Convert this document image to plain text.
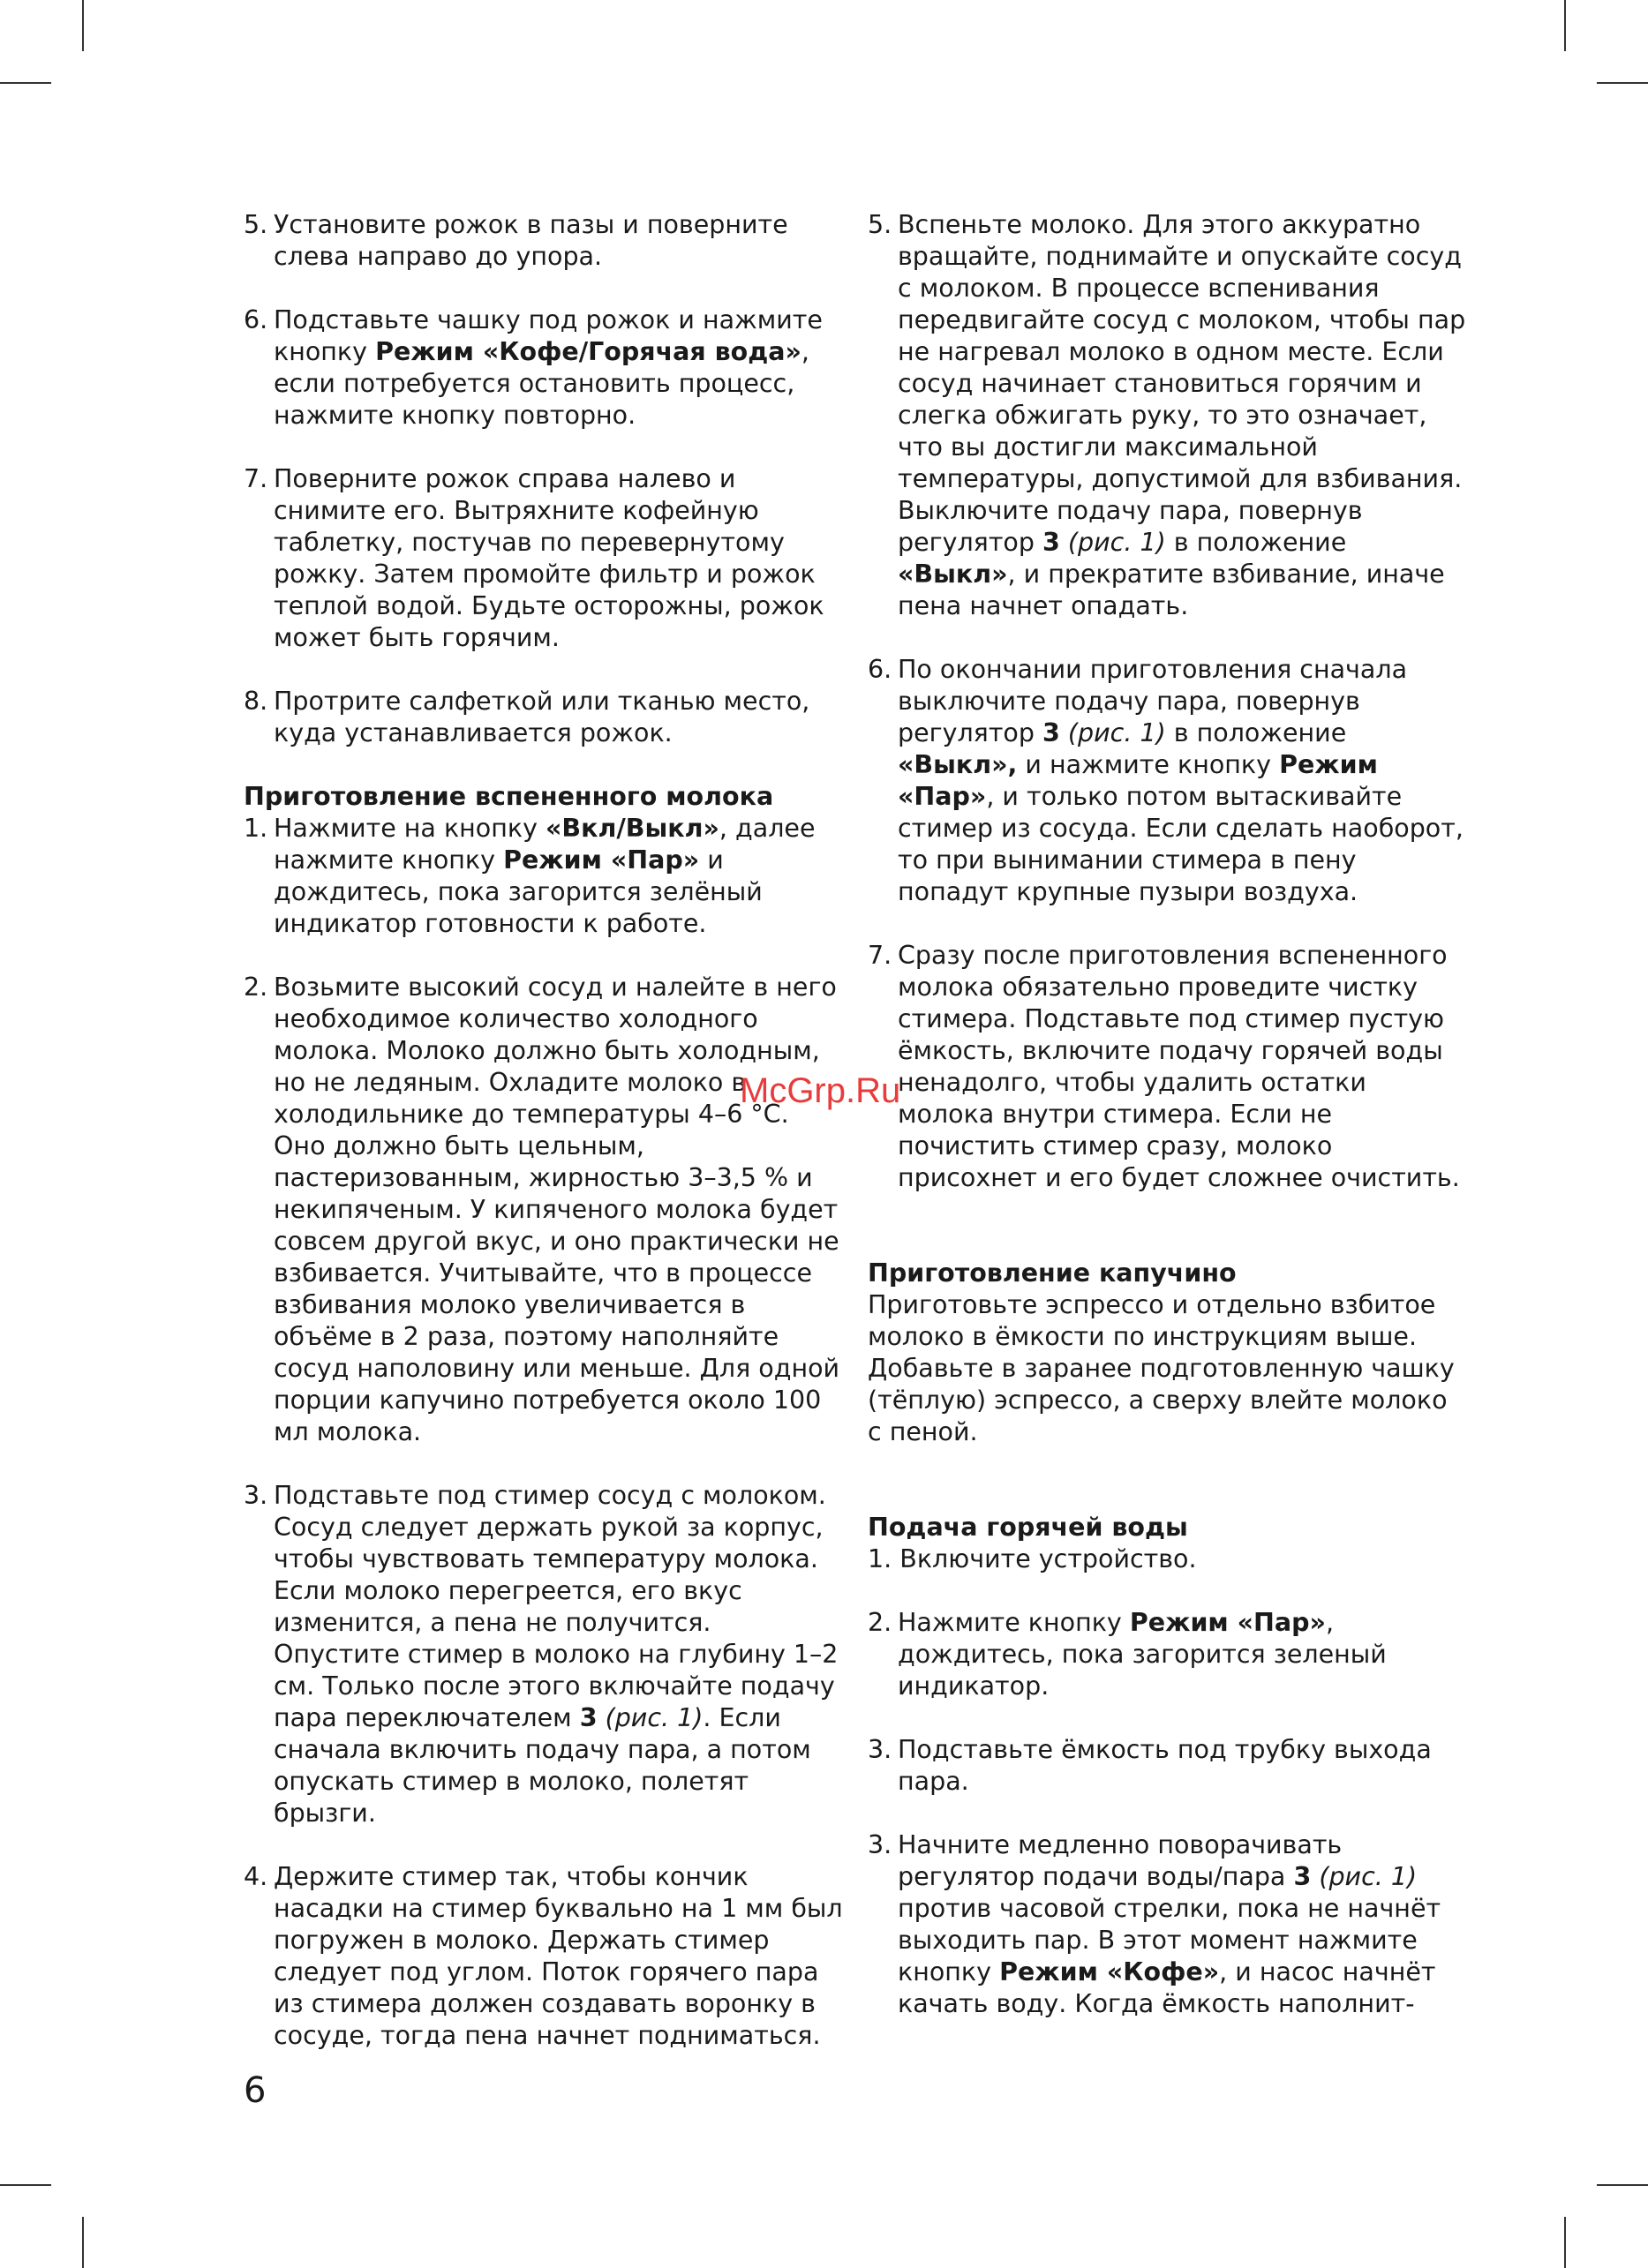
5. Установите рожок в пазы и поверните слева направо до упора.
6. Подставьте чашку под рожок и нажмите кнопку Режим «Кофе/Горячая вода», если потребуется остановить процесс, нажмите кнопку повторно.
7. Поверните рожок справа налево и снимите его. Вытряхните кофейную таблетку, постучав по перевернутому рожку. Затем промойте фильтр и рожок теплой водой. Будьте осторожны, рожок может быть горячим.
8. Протрите салфеткой или тканью место, куда устанавливается рожок.

Приготовление вспененного молока

1. Нажмите на кнопку «Вкл/Выкл», далее нажмите кнопку Режим «Пар» и дождитесь, пока загорится зелёный индикатор готовности к работе.
2. Возьмите высокий сосуд и налейте в него необходимое количество холодного молока. Молоко должно быть холодным, но не ледяным. Охладите молоко в холодильнике до температуры 4–6 °С. Оно должно быть цельным, пастеризованным, жирностью 3–3,5 % и некипяченым. У кипяченого молока будет совсем другой вкус, и оно практически не взбивается. Учитывайте, что в процессе взбивания молоко увеличивается в объёме в 2 раза, поэтому наполняйте сосуд наполовину или меньше. Для одной порции капучино потребуется около 100 мл молока.
3. Подставьте под стимер сосуд с молоком. Сосуд следует держать рукой за корпус, чтобы чувствовать температуру молока. Если молоко перегреется, его вкус изменится, а пена не получится. Опустите стимер в молоко на глубину 1–2 см. Только после этого включайте подачу пара переключателем 3 (рис. 1). Если сначала включить подачу пара, а потом опускать стимер в молоко, полетят брызги.
4. Держите стимер так, чтобы кончик насадки на стимер буквально на 1 мм был погружен в молоко. Держать стимер следует под углом. Поток горячего пара из стимера должен создавать воронку в сосуде, тогда пена начнет подниматься.
5. Вспеньте молоко. Для этого аккуратно вращайте, поднимайте и опускайте сосуд с молоком. В процессе вспенивания передвигайте сосуд с молоком, чтобы пар не нагревал молоко в одном месте. Если сосуд начинает становиться горячим и слегка обжигать руку, то это означает, что вы достигли максимальной температуры, допустимой для взбивания. Выключите подачу пара, повернув регулятор 3 (рис. 1) в положение «Выкл», и прекратите взбивание, иначе пена начнет опадать.
6. По окончании приготовления сначала выключите подачу пара, повернув регулятор 3 (рис. 1) в положение «Выкл», и нажмите кнопку Режим «Пар», и только потом вытаскивайте стимер из сосуда. Если сделать наоборот, то при вынимании стимера в пену попадут крупные пузыри воздуха.
7. Сразу после приготовления вспененного молока обязательно проведите чистку стимера. Подставьте под стимер пустую ёмкость, включите подачу горячей воды ненадолго, чтобы удалить остатки молока внутри стимера. Если не почистить стимер сразу, молоко присохнет и его будет сложнее очистить.

Приготовление капучино

Приготовьте эспрессо и отдельно взбитое молоко в ёмкости по инструкциям выше. Добавьте в заранее подготовленную чашку (тёплую) эспрессо, а сверху влейте молоко с пеной.

Подача горячей воды

1. Включите устройство.
2. Нажмите кнопку Режим «Пар», дождитесь, пока загорится зеленый индикатор.
3. Подставьте ёмкость под трубку выхода пара.
3. Начните медленно поворачивать регулятор подачи воды/пара 3 (рис. 1) против часовой стрелки, пока не начнёт выходить пар. В этот момент нажмите кнопку Режим «Кофе», и насос начнёт качать воду. Когда ёмкость наполнит-
McGrp.Ru
6
